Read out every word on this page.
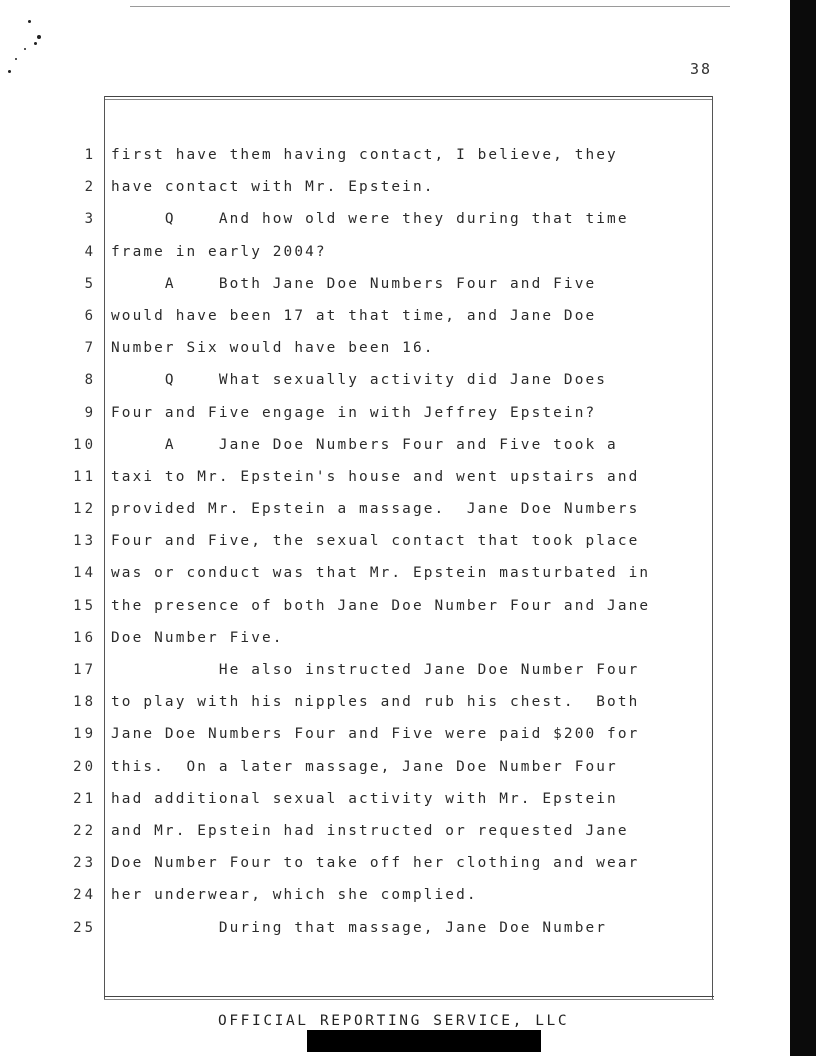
38
1
2
3
4
5
6
7
8
9
10
11
12
13
14
15
16
17
18
19
20
21
22
23
24
25
first have them having contact, I believe, they
have contact with Mr. Epstein.
Q    And how old were they during that time
frame in early 2004?
A    Both Jane Doe Numbers Four and Five
would have been 17 at that time, and Jane Doe
Number Six would have been 16.
Q    What sexually activity did Jane Does
Four and Five engage in with Jeffrey Epstein?
A    Jane Doe Numbers Four and Five took a
taxi to Mr. Epstein's house and went upstairs and
provided Mr. Epstein a massage.  Jane Doe Numbers
Four and Five, the sexual contact that took place
was or conduct was that Mr. Epstein masturbated in
the presence of both Jane Doe Number Four and Jane
Doe Number Five.
He also instructed Jane Doe Number Four
to play with his nipples and rub his chest.  Both
Jane Doe Numbers Four and Five were paid $200 for
this.  On a later massage, Jane Doe Number Four
had additional sexual activity with Mr. Epstein
and Mr. Epstein had instructed or requested Jane
Doe Number Four to take off her clothing and wear
her underwear, which she complied.
During that massage, Jane Doe Number
OFFICIAL REPORTING SERVICE, LLC
